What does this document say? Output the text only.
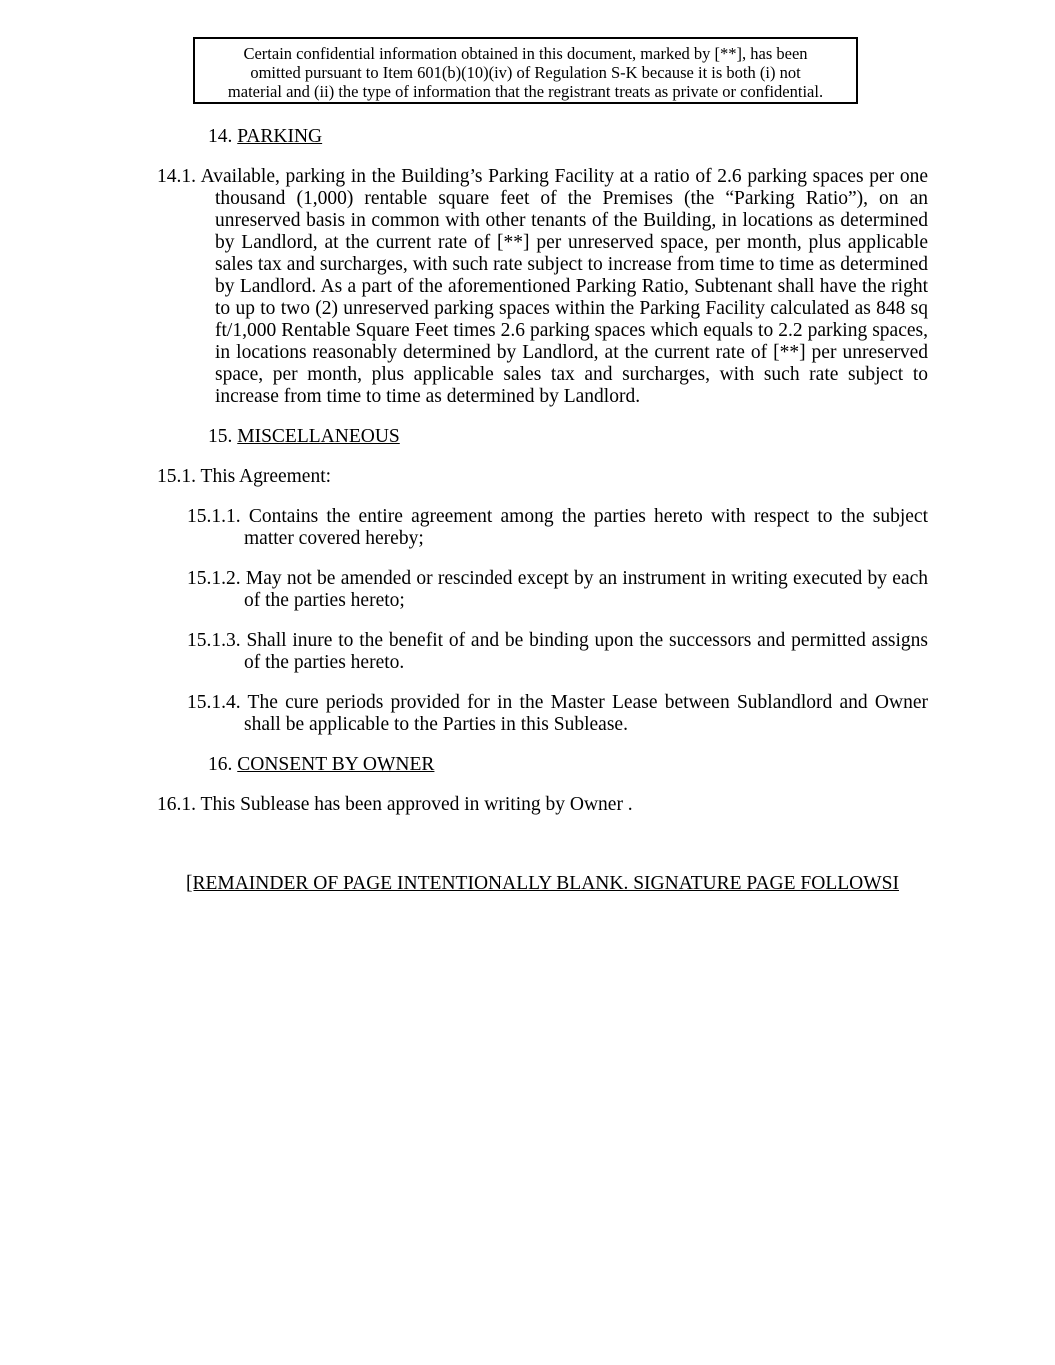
Certain confidential information obtained in this document, marked by [**], has been
omitted pursuant to Item 601(b)(10)(iv) of Regulation S-K because it is both (i) not
material and (ii) the type of information that the registrant treats as private or confidential.
14. PARKING

14.1. Available, parking in the Building’s Parking Facility at a ratio of 2.6 parking spaces per one thousand (1,000) rentable square feet of the Premises (the “Parking Ratio”), on an unreserved basis in common with other tenants of the Building, in locations as determined by Landlord, at the current rate of [**] per unreserved space, per month, plus applicable sales tax and surcharges, with such rate subject to increase from time to time as determined by Landlord. As a part of the aforementioned Parking Ratio, Subtenant shall have the right to up to two (2) unreserved parking spaces within the Parking Facility calculated as 848 sq ft/1,000 Rentable Square Feet times 2.6 parking spaces which equals to 2.2 parking spaces, in locations reasonably determined by Landlord, at the current rate of [**] per unreserved space, per month, plus applicable sales tax and surcharges, with such rate subject to increase from time to time as determined by Landlord.

15. MISCELLANEOUS

15.1. This Agreement:

15.1.1. Contains the entire agreement among the parties hereto with respect to the subject matter covered hereby;

15.1.2. May not be amended or rescinded except by an instrument in writing executed by each of the parties hereto;

15.1.3. Shall inure to the benefit of and be binding upon the successors and permitted assigns of the parties hereto.

15.1.4. The cure periods provided for in the Master Lease between Sublandlord and Owner shall be applicable to the Parties in this Sublease.

16. CONSENT BY OWNER

16.1. This Sublease has been approved in writing by Owner .

[REMAINDER OF PAGE INTENTIONALLY BLANK. SIGNATURE PAGE FOLLOWSI
